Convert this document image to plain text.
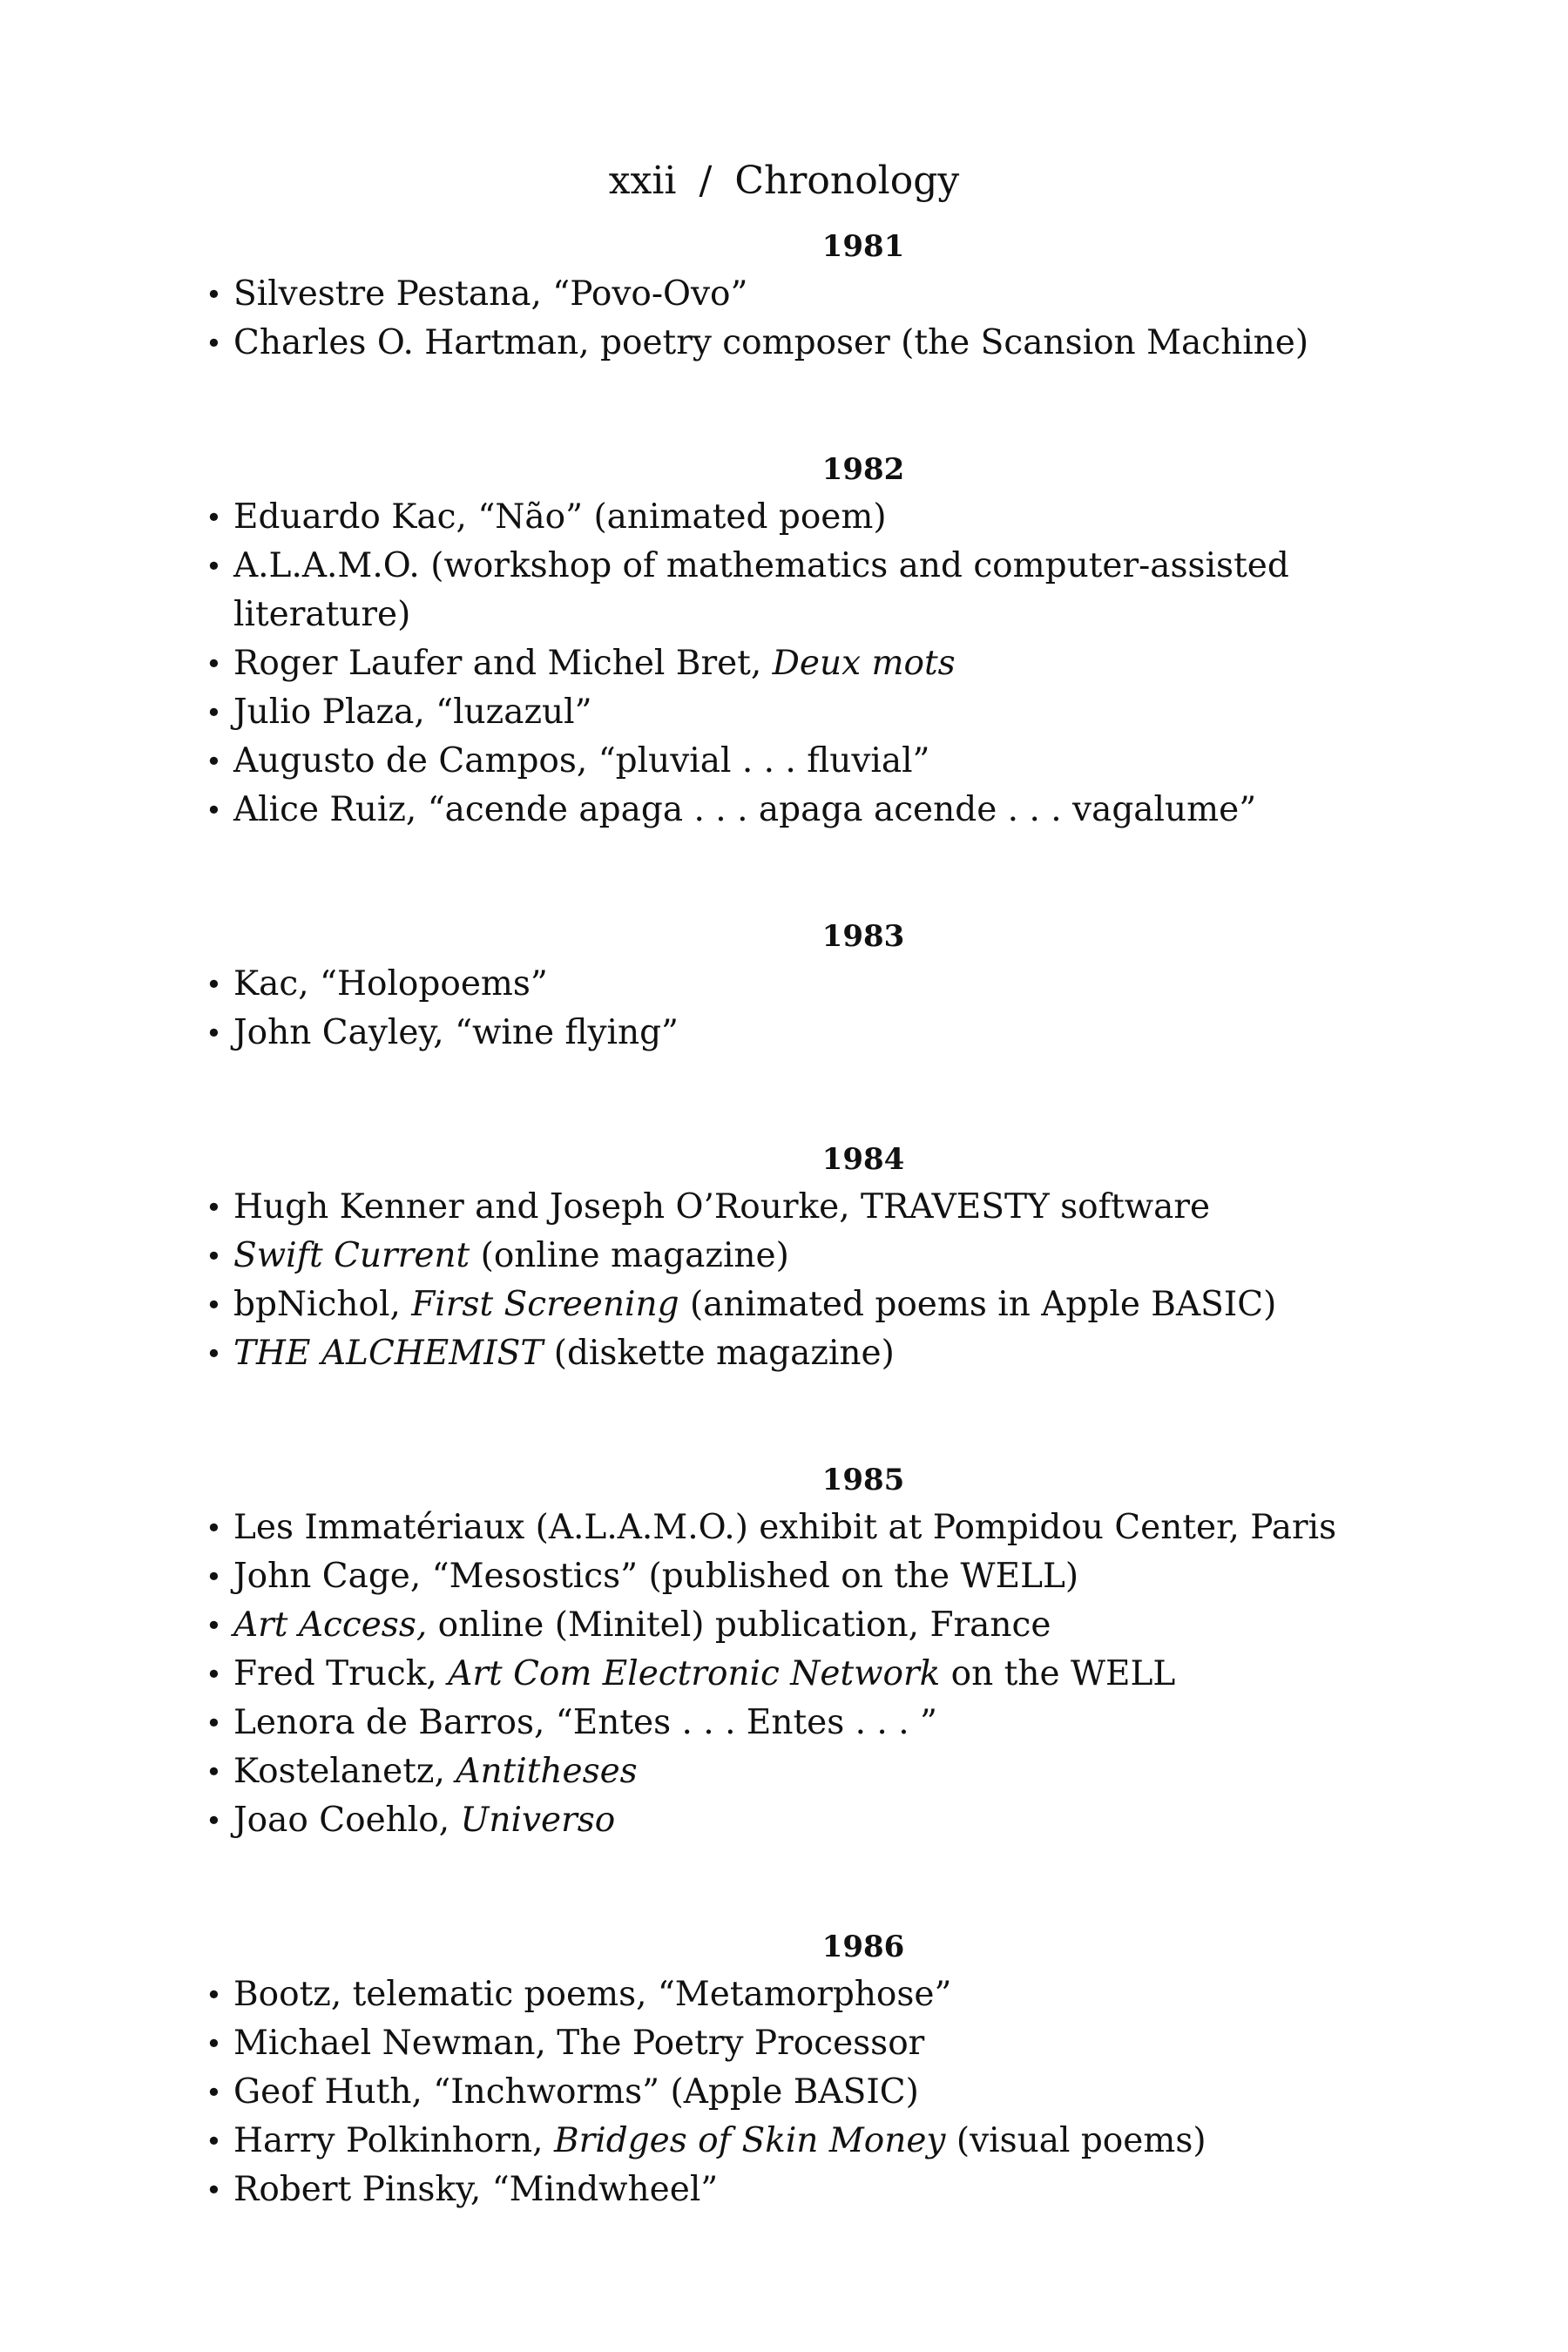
xxii / Chronology
1981
• Silvestre Pestana, “Povo-Ovo”
• Charles O. Hartman, poetry composer (the Scansion Machine)
1982
• Eduardo Kac, “Não” (animated poem)
• A.L.A.M.O. (workshop of mathematics and computer-assisted literature)
• Roger Laufer and Michel Bret, Deux mots
• Julio Plaza, “luzazul”
• Augusto de Campos, “pluvial . . . fluvial”
• Alice Ruiz, “acende apaga . . . apaga acende . . . vagalume”
1983
• Kac, “Holopoems”
• John Cayley, “wine flying”
1984
• Hugh Kenner and Joseph O’Rourke, TRAVESTY software
• Swift Current (online magazine)
• bpNichol, First Screening (animated poems in Apple BASIC)
• THE ALCHEMIST (diskette magazine)
1985
• Les Immatériaux (A.L.A.M.O.) exhibit at Pompidou Center, Paris
• John Cage, “Mesostics” (published on the WELL)
• Art Access, online (Minitel) publication, France
• Fred Truck, Art Com Electronic Network on the WELL
• Lenora de Barros, “Entes . . . Entes . . . ”
• Kostelanetz, Antitheses
• Joao Coehlo, Universo
1986
• Bootz, telematic poems, “Metamorphose”
• Michael Newman, The Poetry Processor
• Geof Huth, “Inchworms” (Apple BASIC)
• Harry Polkinhorn, Bridges of Skin Money (visual poems)
• Robert Pinsky, “Mindwheel”
